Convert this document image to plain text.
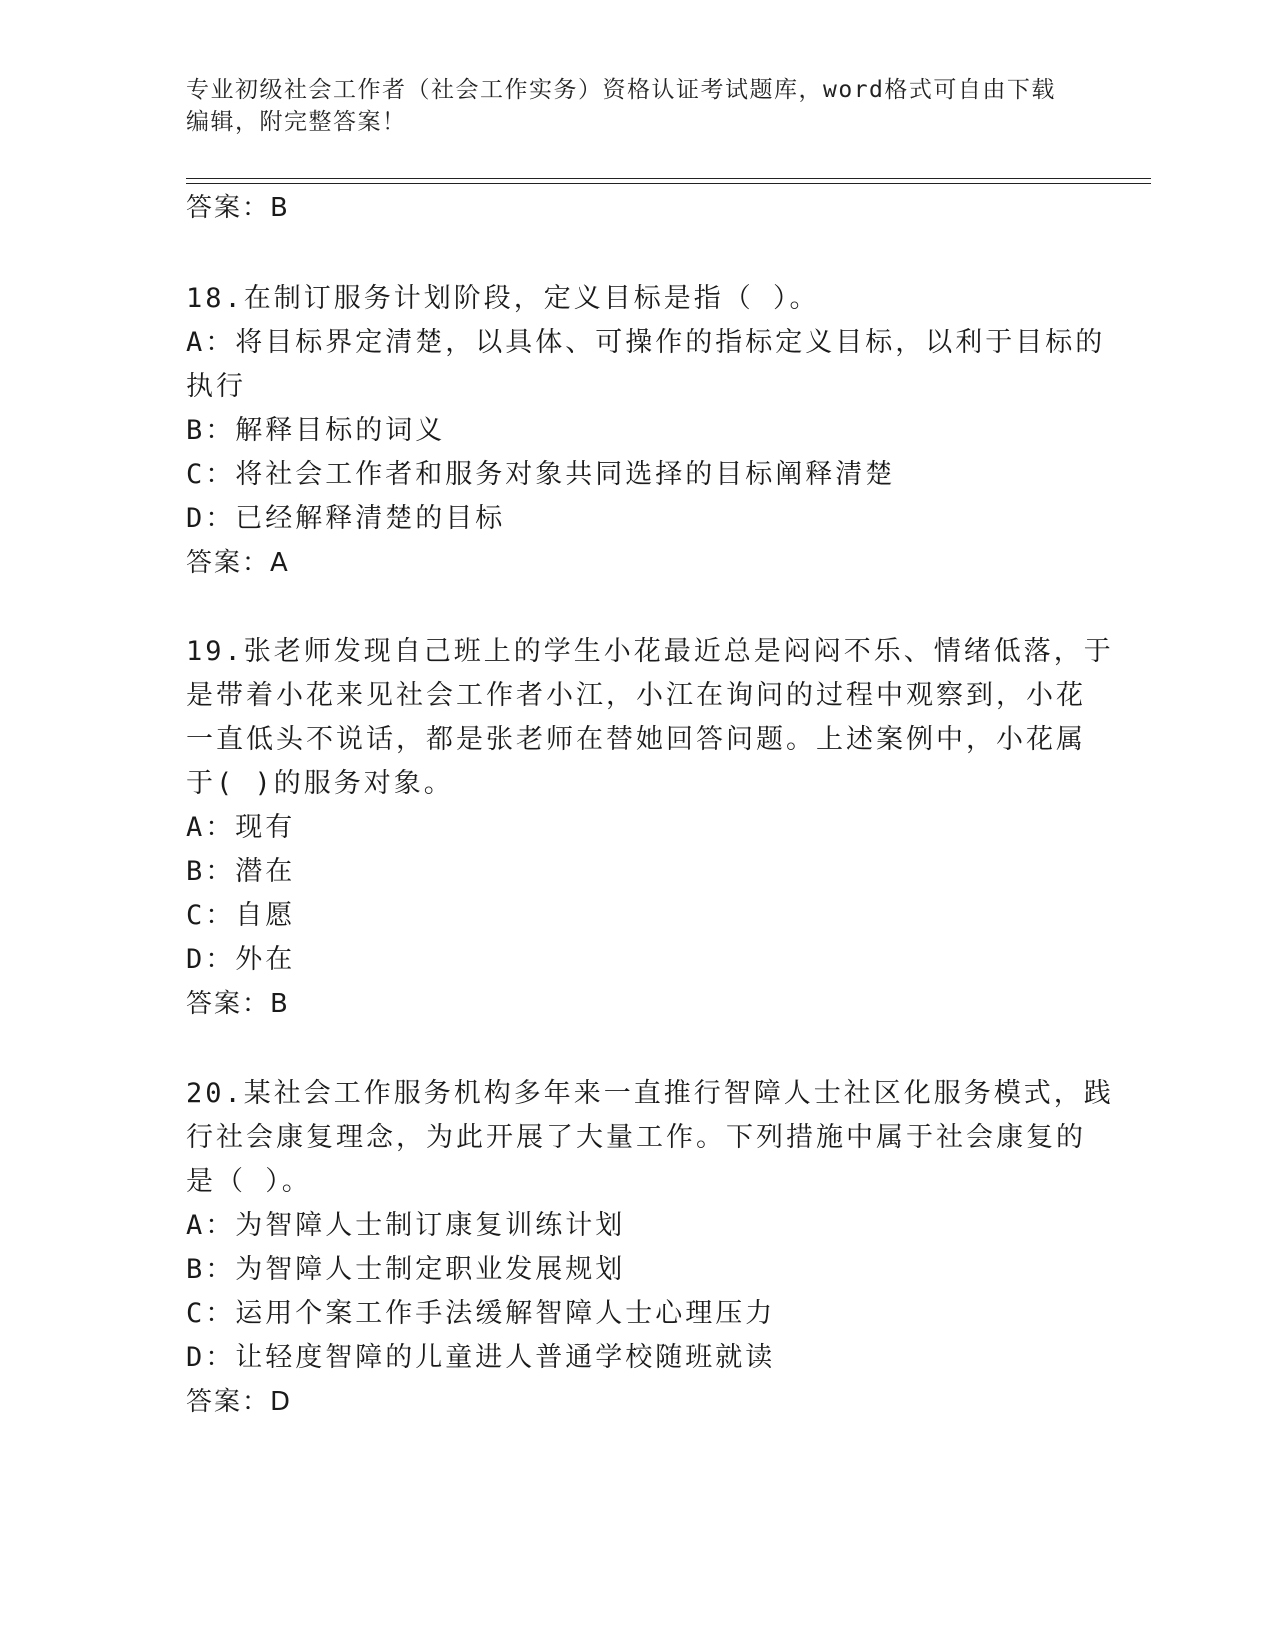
专业初级社会工作者（社会工作实务）资格认证考试题库，word格式可自由下载
编辑，附完整答案！
答案：B
18.在制订服务计划阶段，定义目标是指（ ）。
A：将目标界定清楚，以具体、可操作的指标定义目标，以利于目标的
执行
B：解释目标的词义
C：将社会工作者和服务对象共同选择的目标阐释清楚
D：已经解释清楚的目标
答案：A
19.张老师发现自己班上的学生小花最近总是闷闷不乐、情绪低落，于
是带着小花来见社会工作者小江，小江在询问的过程中观察到，小花
一直低头不说话，都是张老师在替她回答问题。上述案例中，小花属
于( )的服务对象。
A：现有
B：潜在
C：自愿
D：外在
答案：B
20.某社会工作服务机构多年来一直推行智障人士社区化服务模式，践
行社会康复理念，为此开展了大量工作。下列措施中属于社会康复的
是（ ）。
A：为智障人士制订康复训练计划
B：为智障人士制定职业发展规划
C：运用个案工作手法缓解智障人士心理压力
D：让轻度智障的儿童进人普通学校随班就读
答案：D
